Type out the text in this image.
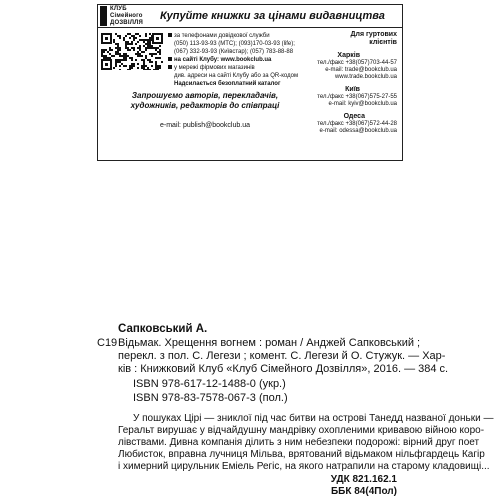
КЛУБ
Сімейного
ДОЗВІЛЛЯ
Купуйте книжки за цінами видавництва
за телефонами довідкової служби
(050) 113-93-93 (МТС); (093)170-03-93 (life);
(067) 332-93-93 (Київстар); (057) 783-88-88
на сайті Клубу: www.bookclub.ua
у мережі фірмових магазинів
див. адреси на сайті Клубу або за QR-кодом
Надсилається безоплатний каталог
Запрошуємо авторів, перекладачів, художників, редакторів до співпраці
e-mail: publish@bookclub.ua
Для гуртових
клієнтів
Харків
тел./факс +38(057)703-44-57
e-mail: trade@bookclub.ua
www.trade.bookclub.ua
Київ
тел./факс +38(067)575-27-55
e-mail: kyiv@bookclub.ua
Одеса
тел./факс +38(067)572-44-28
e-mail: odessa@bookclub.ua
Сапковський А.
С19 Відьмак. Хрещення вогнем : роман / Анджей Сапковський ;
перекл. з пол. С. Легези ; комент. С. Легези й О. Стужук. — Хар-
ків : Книжковий Клуб «Клуб Сімейного Дозвілля», 2016. — 384 с.
ISBN 978-617-12-1488-0 (укр.)
ISBN 978-83-7578-067-3 (пол.)
У пошуках Цірі — зниклої під час битви на острові Танедд названої доньки —
Геральт вирушає у відчайдушну мандрівку охопленими кривавою війною коро-
лівствами. Дивна компанія ділить з ним небезпеки подорожі: вірний друг поет
Любисток, вправна лучниця Мільва, врятований відьмаком нільфгардець Кагір
і химерний цирульник Еміель Регіс, на якого натрапили на старому кладовищі...
УДК 821.162.1
ББК 84(4Пол)
